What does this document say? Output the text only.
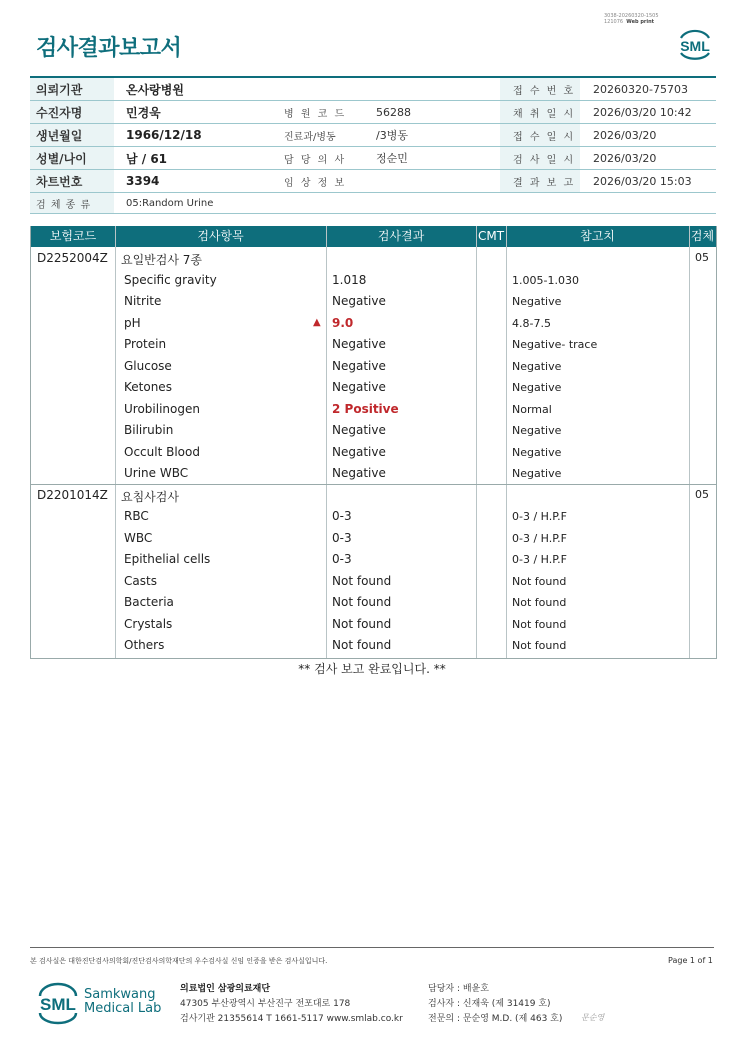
검사결과보고서
3038-20260320-1505
121076 Web print
SML
의뢰기관	온사랑병원	접 수 번 호 20260320-75703
수진자명	민경욱	병 원 코 드	56288	채 취 일 시 2026/03/20 10:42
생년월일	1966/12/18	진료과/병동	/3병동	접 수 일 시 2026/03/20
성별/나이	남 / 61	담 당 의 사	정순민	검 사 일 시 2026/03/20
차트번호	3394	임 상 정 보	결 과 보 고 2026/03/20 15:03
검 체 종 류	05:Random Urine
보험코드	검사항목	검사결과	CMT	참고치	검체
D2252004Z 요일반검사 7종	05
Specific gravity	1.018	1.005-1.030
Nitrite	Negative	Negative
pH	9.0	4.8-7.5
▲
Protein	Negative	Negative- trace
Glucose	Negative	Negative
Ketones	Negative	Negative
Urobilinogen	2 Positive	Normal
Bilirubin	Negative	Negative
Occult Blood	Negative	Negative
Urine WBC	Negative	Negative
D2201014Z 요침사검사	05
RBC	0-3	0-3 / H.P.F
WBC	0-3	0-3 / H.P.F
Epithelial cells	0-3	0-3 / H.P.F
Casts	Not found	Not found
Bacteria	Not found	Not found
Crystals	Not found	Not found
Others	Not found	Not found
** 검사 보고 완료입니다. **
본 검사실은 대한진단검사의학회/진단검사의학재단의 우수검사실 신임 인증을 받은 검사실입니다.	Page 1 of 1
SML
Samkwang
Medical Lab
의료법인 삼광의료재단
47305 부산광역시 부산진구 전포대로 178
검사기관 21355614 T 1661-5117 www.smlab.co.kr
담당자 : 배윤호
검사자 : 신재욱 (제 31419 호)
전문의 : 문순영 M.D. (제 463 호) 문순영
